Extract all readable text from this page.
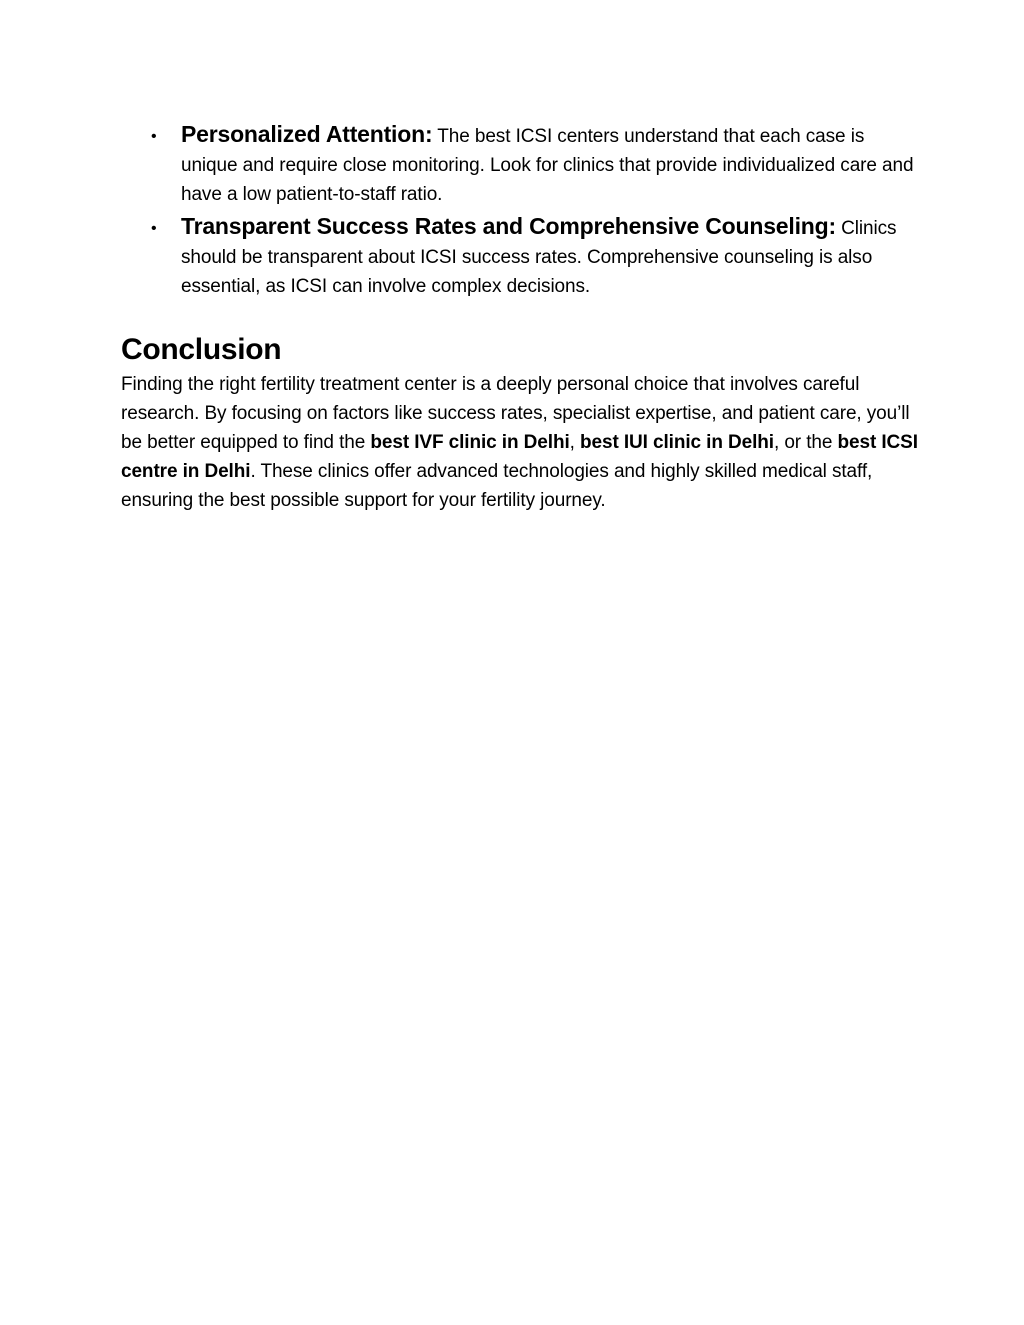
• Personalized Attention: The best ICSI centers understand that each case is unique and require close monitoring. Look for clinics that provide individualized care and have a low patient-to-staff ratio.
• Transparent Success Rates and Comprehensive Counseling: Clinics should be transparent about ICSI success rates. Comprehensive counseling is also essential, as ICSI can involve complex decisions.
Conclusion

Finding the right fertility treatment center is a deeply personal choice that involves careful research. By focusing on factors like success rates, specialist expertise, and patient care, you’ll be better equipped to find the best IVF clinic in Delhi, best IUI clinic in Delhi, or the best ICSI centre in Delhi. These clinics offer advanced technologies and highly skilled medical staff, ensuring the best possible support for your fertility journey.
